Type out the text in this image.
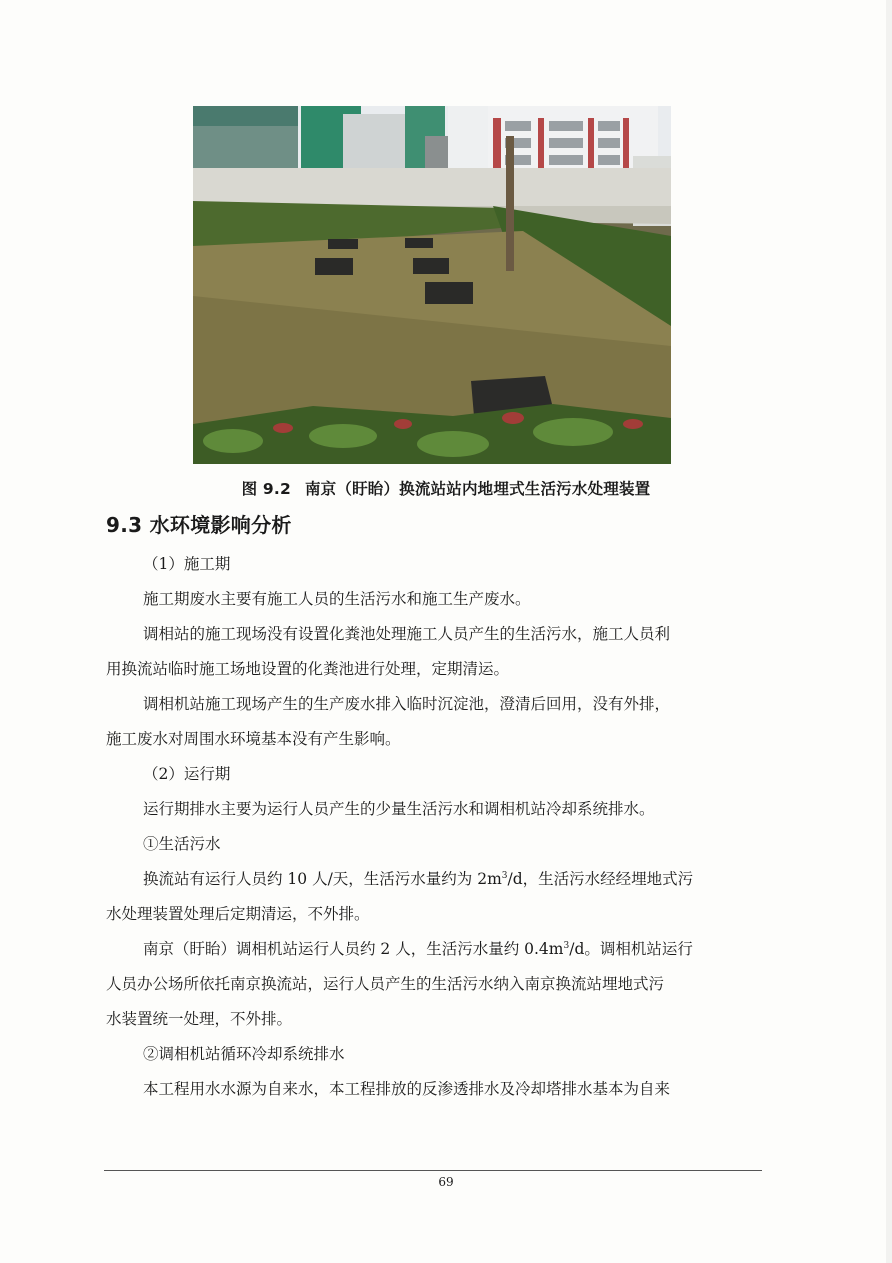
图 9.2 南京（盱眙）换流站站内地埋式生活污水处理装置
9.3 水环境影响分析
（1）施工期
施工期废水主要有施工人员的生活污水和施工生产废水。
调相站的施工现场没有设置化粪池处理施工人员产生的生活污水，施工人员利
用换流站临时施工场地设置的化粪池进行处理，定期清运。
调相机站施工现场产生的生产废水排入临时沉淀池，澄清后回用，没有外排，
施工废水对周围水环境基本没有产生影响。
（2）运行期
运行期排水主要为运行人员产生的少量生活污水和调相机站冷却系统排水。
①生活污水
换流站有运行人员约 10 人/天，生活污水量约为 $2m^3/d$，生活污水经经埋地式污
水处理装置处理后定期清运，不外排。
南京（盱眙）调相机站运行人员约 2 人，生活污水量约 $0.4m^3/d$。调相机站运行
人员办公场所依托南京换流站，运行人员产生的生活污水纳入南京换流站埋地式污
水装置统一处理，不外排。
②调相机站循环冷却系统排水
本工程用水水源为自来水，本工程排放的反渗透排水及冷却塔排水基本为自来
69
